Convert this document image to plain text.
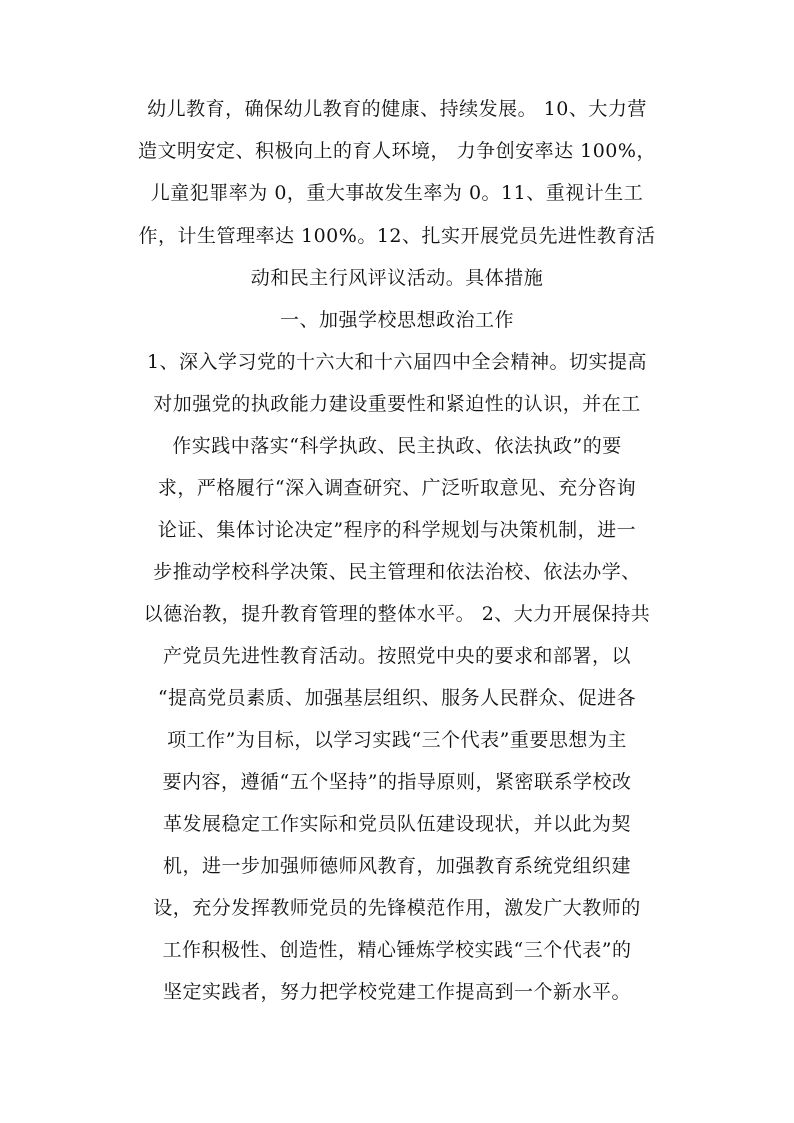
幼儿教育，确保幼儿教育的健康、持续发展。 10、大力营
造文明安定、积极向上的育人环境， 力争创安率达 100%，
儿童犯罪率为 0，重大事故发生率为 0。11、重视计生工
作，计生管理率达 100%。12、扎实开展党员先进性教育活
动和民主行风评议活动。具体措施
一、加强学校思想政治工作
1、深入学习党的十六大和十六届四中全会精神。切实提高
对加强党的执政能力建设重要性和紧迫性的认识，并在工
作实践中落实“科学执政、民主执政、依法执政”的要
求，严格履行“深入调查研究、广泛听取意见、充分咨询
论证、集体讨论决定”程序的科学规划与决策机制，进一
步推动学校科学决策、民主管理和依法治校、依法办学、
以德治教，提升教育管理的整体水平。 2、大力开展保持共
产党员先进性教育活动。按照党中央的要求和部署，以
“提高党员素质、加强基层组织、服务人民群众、促进各
项工作”为目标，以学习实践“三个代表”重要思想为主
要内容，遵循“五个坚持”的指导原则，紧密联系学校改
革发展稳定工作实际和党员队伍建设现状，并以此为契
机，进一步加强师德师风教育，加强教育系统党组织建
设，充分发挥教师党员的先锋模范作用，激发广大教师的
工作积极性、创造性，精心锤炼学校实践“三个代表”的
坚定实践者，努力把学校党建工作提高到一个新水平。
